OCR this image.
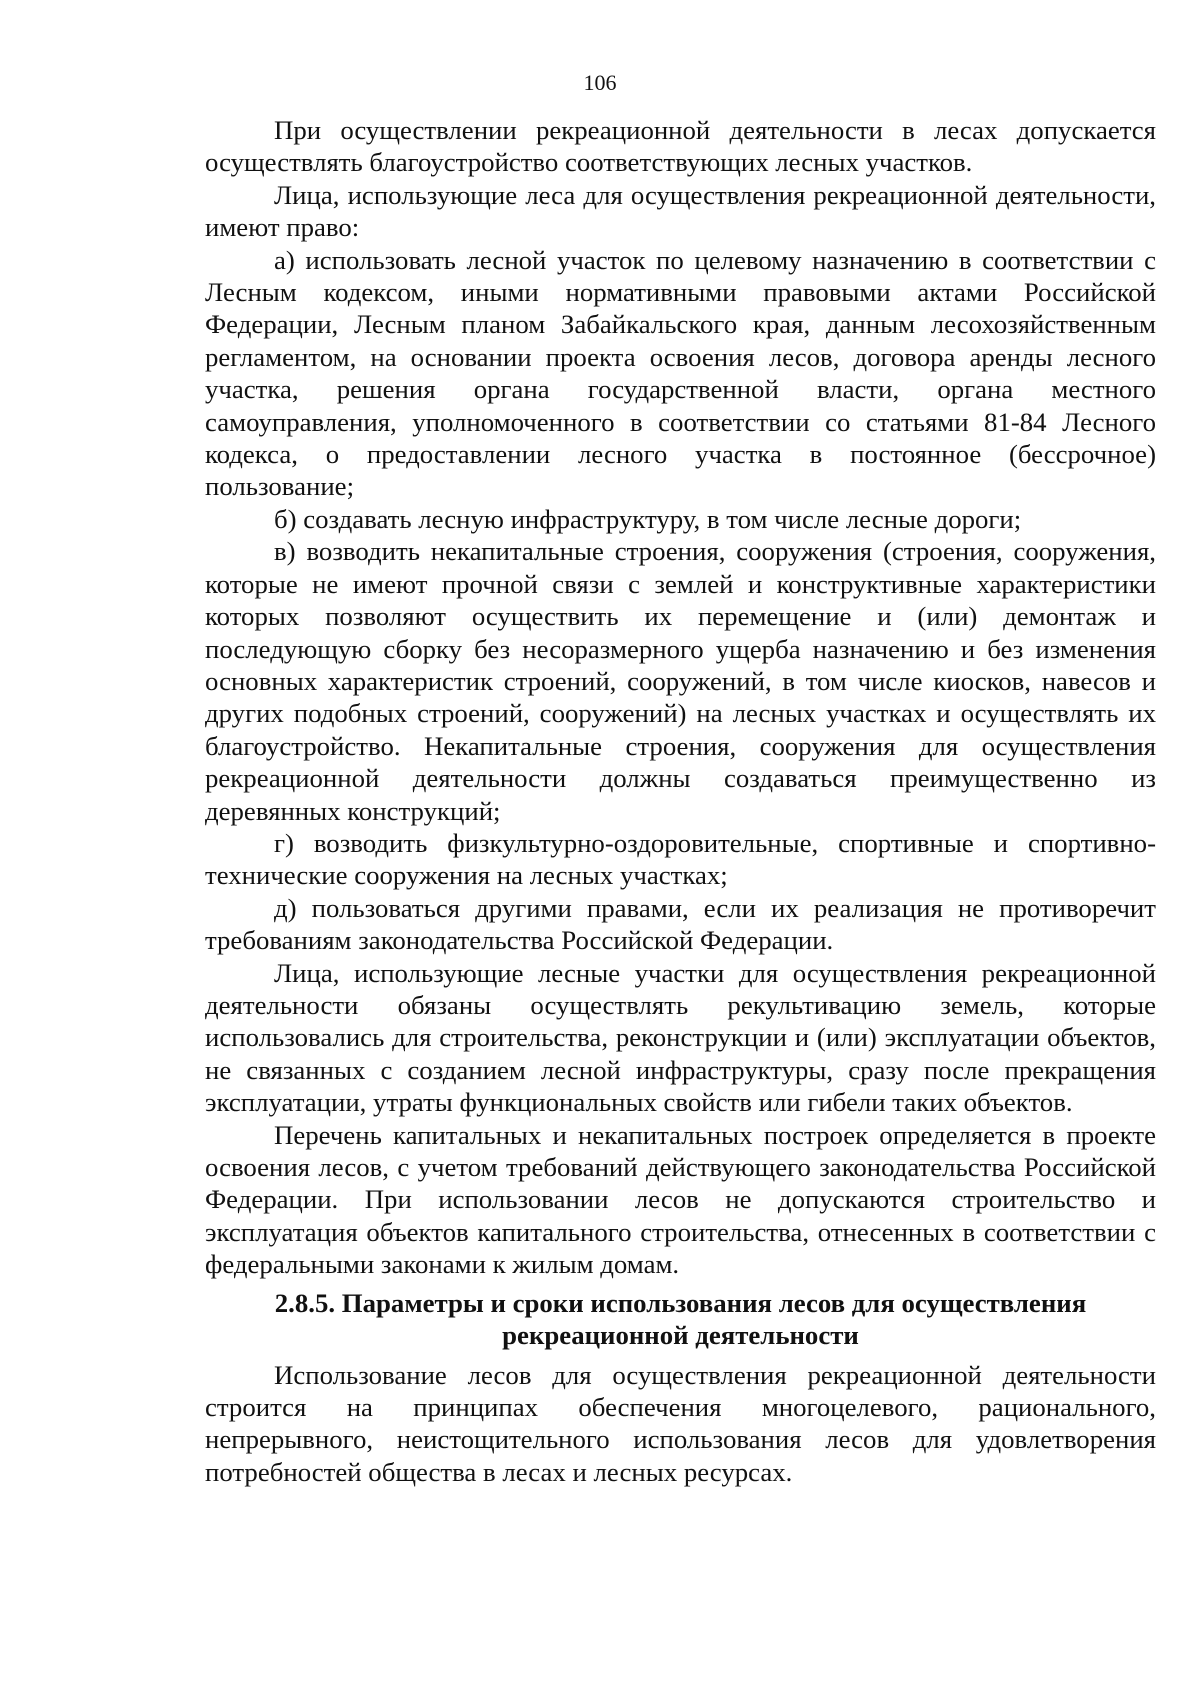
106

При осуществлении рекреационной деятельности в лесах допускается осуществлять благоустройство соответствующих лесных участков.

Лица, использующие леса для осуществления рекреационной деятельности, имеют право:

а) использовать лесной участок по целевому назначению в соответствии с Лесным кодексом, иными нормативными правовыми актами Российской Федерации, Лесным планом Забайкальского края, данным лесохозяйственным регламентом, на основании проекта освоения лесов, договора аренды лесного участка, решения органа государственной власти, органа местного самоуправления, уполномоченного в соответствии со статьями 81-84 Лесного кодекса, о предоставлении лесного участка в постоянное (бессрочное) пользование;

б) создавать лесную инфраструктуру, в том числе лесные дороги;

в) возводить некапитальные строения, сооружения (строения, сооружения, которые не имеют прочной связи с землей и конструктивные характеристики которых позволяют осуществить их перемещение и (или) демонтаж и последующую сборку без несоразмерного ущерба назначению и без изменения основных характеристик строений, сооружений, в том числе киосков, навесов и других подобных строений, сооружений) на лесных участках и осуществлять их благоустройство. Некапитальные строения, сооружения для осуществления рекреационной деятельности должны создаваться преимущественно из деревянных конструкций;

г) возводить физкультурно-оздоровительные, спортивные и спортивно-технические сооружения на лесных участках;

д) пользоваться другими правами, если их реализация не противоречит требованиям законодательства Российской Федерации.

Лица, использующие лесные участки для осуществления рекреационной деятельности обязаны осуществлять рекультивацию земель, которые использовались для строительства, реконструкции и (или) эксплуатации объектов, не связанных с созданием лесной инфраструктуры, сразу после прекращения эксплуатации, утраты функциональных свойств или гибели таких объектов.

Перечень капитальных и некапитальных построек определяется в проекте освоения лесов, с учетом требований действующего законодательства Российской Федерации. При использовании лесов не допускаются строительство и эксплуатация объектов капитального строительства, отнесенных в соответствии с федеральными законами к жилым домам.

2.8.5. Параметры и сроки использования лесов для осуществления
рекреационной деятельности

Использование лесов для осуществления рекреационной деятельности строится на принципах обеспечения многоцелевого, рационального, непрерывного, неистощительного использования лесов для удовлетворения потребностей общества в лесах и лесных ресурсах.
